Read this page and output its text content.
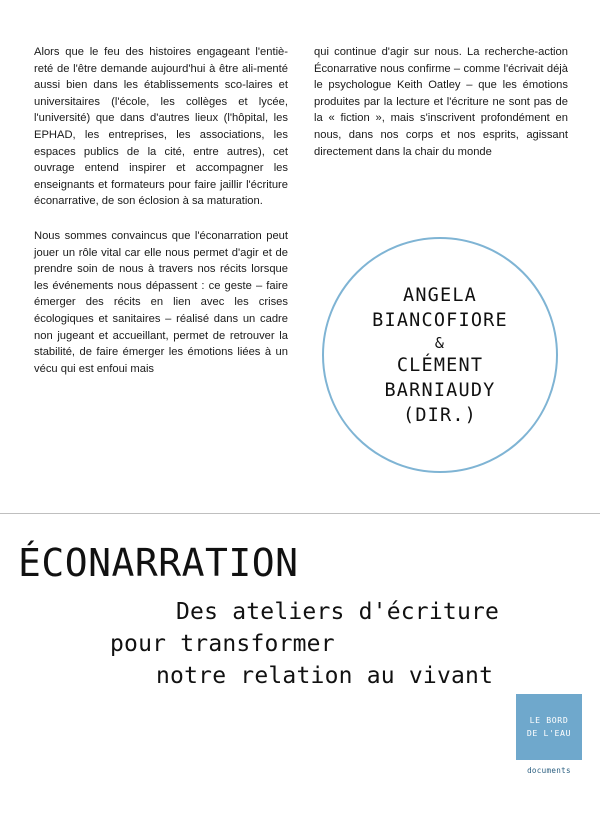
Alors que le feu des histoires engageant l'entiè-reté de l'être demande aujourd'hui à être ali-menté aussi bien dans les établissements sco-laires et universitaires (l'école, les collèges et lycée, l'université) que dans d'autres lieux (l'hôpital, les EPHAD, les entreprises, les associations, les espaces publics de la cité, entre autres), cet ouvrage entend inspirer et accompagner les enseignants et formateurs pour faire jaillir l'écriture éconarrative, de son éclosion à sa maturation.

Nous sommes convaincus que l'éconarration peut jouer un rôle vital car elle nous permet d'agir et de prendre soin de nous à travers nos récits lorsque les événements nous dépassent : ce geste – faire émerger des récits en lien avec les crises écologiques et sanitaires – réalisé dans un cadre non jugeant et accueillant, permet de retrouver la stabilité, de faire émerger les émotions liées à un vécu qui est enfoui mais

qui continue d'agir sur nous. La recherche-action Éconarrative nous confirme – comme l'écrivait déjà le psychologue Keith Oatley – que les émotions produites par la lecture et l'écriture ne sont pas de la « fiction », mais s'inscrivent profondément en nous, dans nos corps et nos esprits, agissant directement dans la chair du monde

ANGELA
BIANCOFIORE
&
CLÉMENT
BARNIAUDY
(DIR.)
ÉCONARRATION

Des ateliers d'écriture

pour transformer

notre relation au vivant

LE BORD
DE L'EAU
documents
